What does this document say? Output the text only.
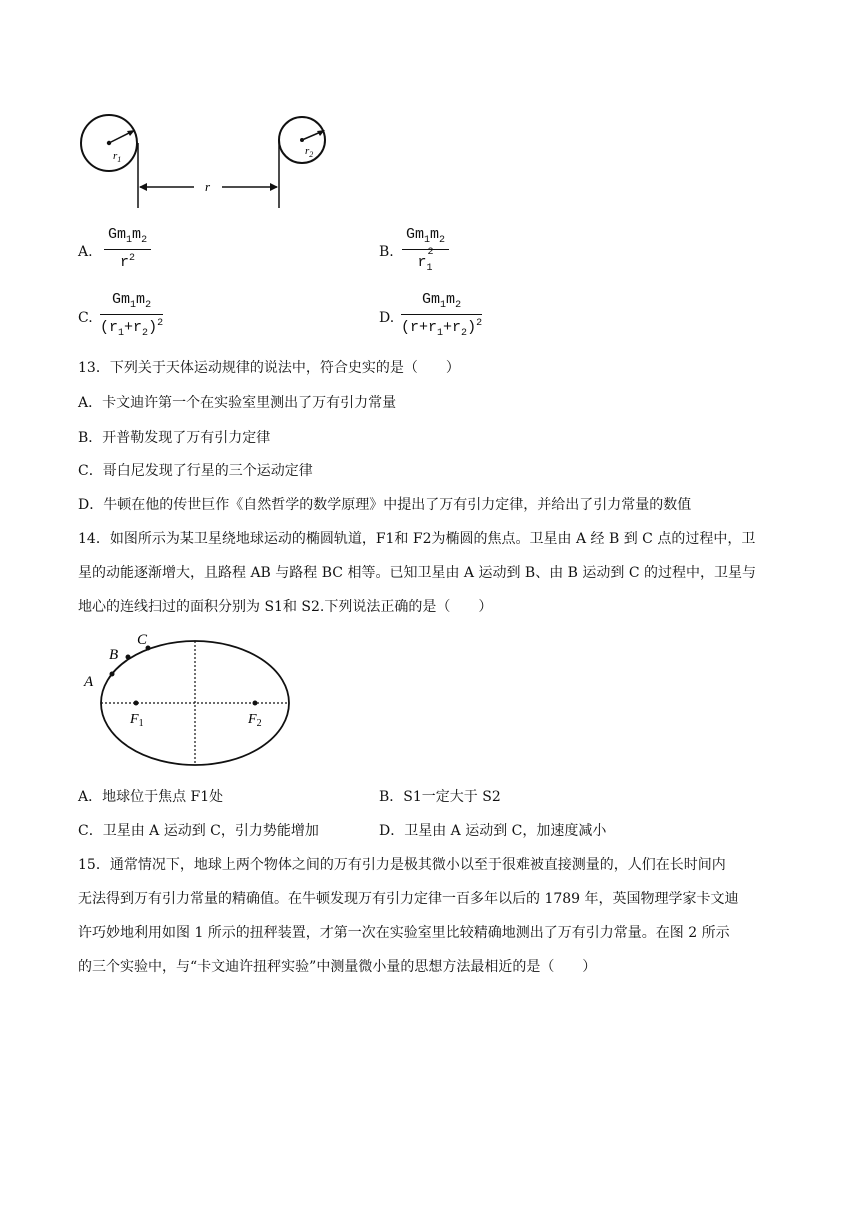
$r_1$
$r_2$
r
A. $\frac{Gm_1m_2}{r^2}$	B. $\frac{Gm_1m_2}{r_1^2}$
C. $\frac{Gm_1m_2}{(r_1+r_2)^2}$	D. $\frac{Gm_1m_2}{(r+r_1+r_2)^2}$
13．下列关于天体运动规律的说法中，符合史实的是（　　）
A．卡文迪许第一个在实验室里测出了万有引力常量
B．开普勒发现了万有引力定律
C．哥白尼发现了行星的三个运动定律
D．牛顿在他的传世巨作《自然哲学的数学原理》中提出了万有引力定律，并给出了引力常量的数值
14．如图所示为某卫星绕地球运动的椭圆轨道，F1和 F2为椭圆的焦点。卫星由 A 经 B 到 C 点的过程中，卫
星的动能逐渐增大，且路程 AB 与路程 BC 相等。已知卫星由 A 运动到 B、由 B 运动到 C 的过程中，卫星与
地心的连线扫过的面积分别为 S1和 S2.下列说法正确的是（　　）
A
B
C
$F_1$	$F_2$
A．地球位于焦点 F1处	B．S1一定大于 S2
C．卫星由 A 运动到 C，引力势能增加	D．卫星由 A 运动到 C，加速度减小
15．通常情况下，地球上两个物体之间的万有引力是极其微小以至于很难被直接测量的，人们在长时间内
无法得到万有引力常量的精确值。在牛顿发现万有引力定律一百多年以后的 1789 年，英国物理学家卡文迪
许巧妙地利用如图 1 所示的扭秤装置，才第一次在实验室里比较精确地测出了万有引力常量。在图 2 所示
的三个实验中，与“卡文迪许扭秤实验”中测量微小量的思想方法最相近的是（　　）
